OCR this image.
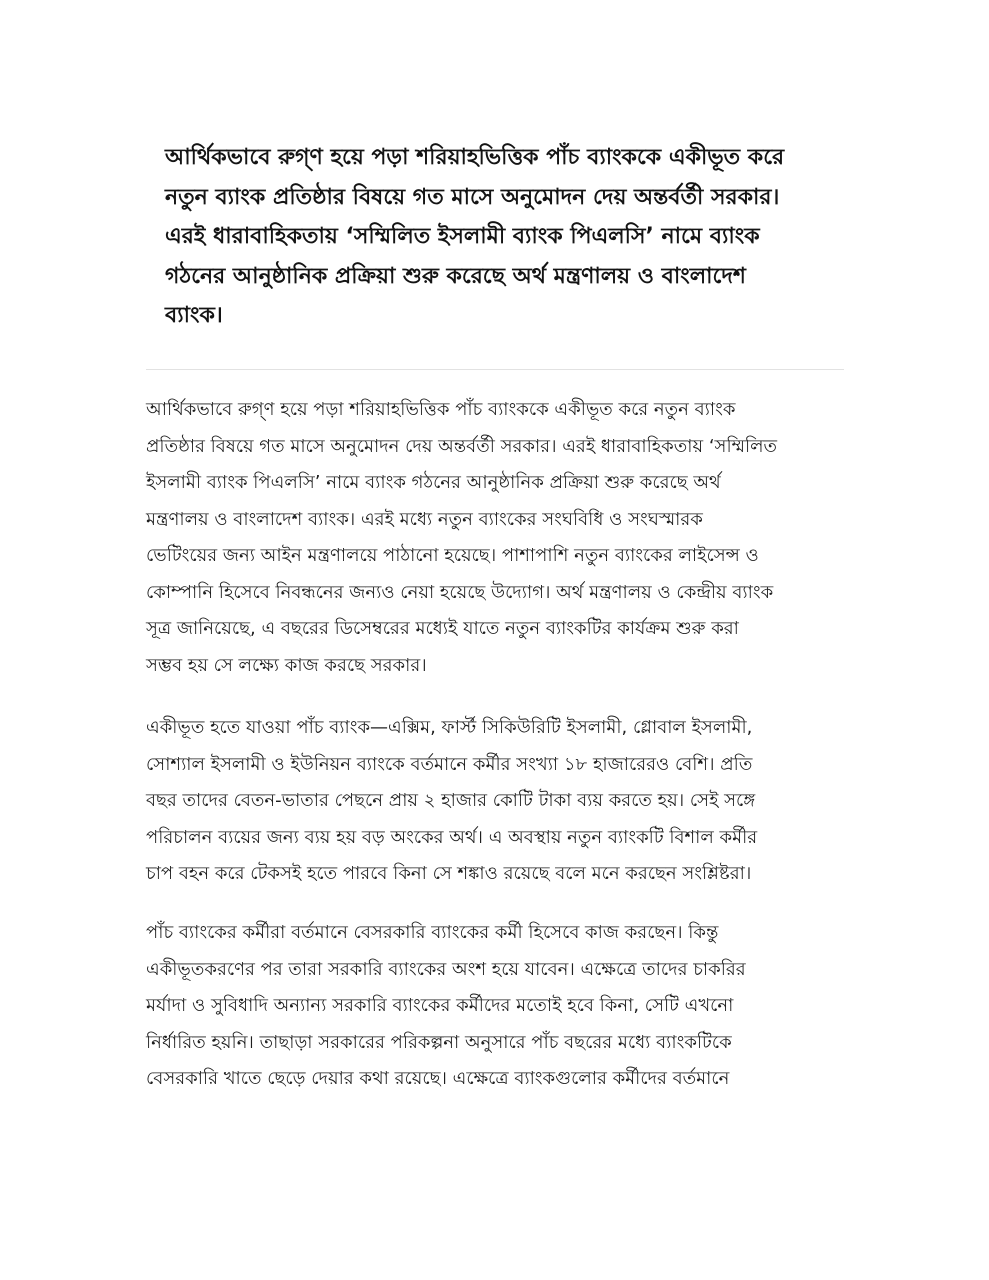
আর্থিকভাবে রুগ্‌ণ হয়ে পড়া শরিয়াহভিত্তিক পাঁচ ব্যাংককে একীভূত করে
নতুন ব্যাংক প্রতিষ্ঠার বিষয়ে গত মাসে অনুমোদন দেয় অন্তর্বর্তী সরকার।
এরই ধারাবাহিকতায় ‘সম্মিলিত ইসলামী ব্যাংক পিএলসি’ নামে ব্যাংক
গঠনের আনুষ্ঠানিক প্রক্রিয়া শুরু করেছে অর্থ মন্ত্রণালয় ও বাংলাদেশ
ব্যাংক।

আর্থিকভাবে রুগ্‌ণ হয়ে পড়া শরিয়াহভিত্তিক পাঁচ ব্যাংককে একীভূত করে নতুন ব্যাংক
প্রতিষ্ঠার বিষয়ে গত মাসে অনুমোদন দেয় অন্তর্বর্তী সরকার। এরই ধারাবাহিকতায় ‘সম্মিলিত
ইসলামী ব্যাংক পিএলসি’ নামে ব্যাংক গঠনের আনুষ্ঠানিক প্রক্রিয়া শুরু করেছে অর্থ
মন্ত্রণালয় ও বাংলাদেশ ব্যাংক। এরই মধ্যে নতুন ব্যাংকের সংঘবিধি ও সংঘস্মারক
ভেটিংয়ের জন্য আইন মন্ত্রণালয়ে পাঠানো হয়েছে। পাশাপাশি নতুন ব্যাংকের লাইসেন্স ও
কোম্পানি হিসেবে নিবন্ধনের জন্যও নেয়া হয়েছে উদ্যোগ। অর্থ মন্ত্রণালয় ও কেন্দ্রীয় ব্যাংক
সূত্র জানিয়েছে, এ বছরের ডিসেম্বরের মধ্যেই যাতে নতুন ব্যাংকটির কার্যক্রম শুরু করা
সম্ভব হয় সে লক্ষ্যে কাজ করছে সরকার।

একীভূত হতে যাওয়া পাঁচ ব্যাংক—এক্সিম, ফার্স্ট সিকিউরিটি ইসলামী, গ্লোবাল ইসলামী,
সোশ্যাল ইসলামী ও ইউনিয়ন ব্যাংকে বর্তমানে কর্মীর সংখ্যা ১৮ হাজারেরও বেশি। প্রতি
বছর তাদের বেতন-ভাতার পেছনে প্রায় ২ হাজার কোটি টাকা ব্যয় করতে হয়। সেই সঙ্গে
পরিচালন ব্যয়ের জন্য ব্যয় হয় বড় অংকের অর্থ। এ অবস্থায় নতুন ব্যাংকটি বিশাল কর্মীর
চাপ বহন করে টেকসই হতে পারবে কিনা সে শঙ্কাও রয়েছে বলে মনে করছেন সংশ্লিষ্টরা।

পাঁচ ব্যাংকের কর্মীরা বর্তমানে বেসরকারি ব্যাংকের কর্মী হিসেবে কাজ করছেন। কিন্তু
একীভূতকরণের পর তারা সরকারি ব্যাংকের অংশ হয়ে যাবেন। এক্ষেত্রে তাদের চাকরির
মর্যাদা ও সুবিধাদি অন্যান্য সরকারি ব্যাংকের কর্মীদের মতোই হবে কিনা, সেটি এখনো
নির্ধারিত হয়নি। তাছাড়া সরকারের পরিকল্পনা অনুসারে পাঁচ বছরের মধ্যে ব্যাংকটিকে
বেসরকারি খাতে ছেড়ে দেয়ার কথা রয়েছে। এক্ষেত্রে ব্যাংকগুলোর কর্মীদের বর্তমানে
